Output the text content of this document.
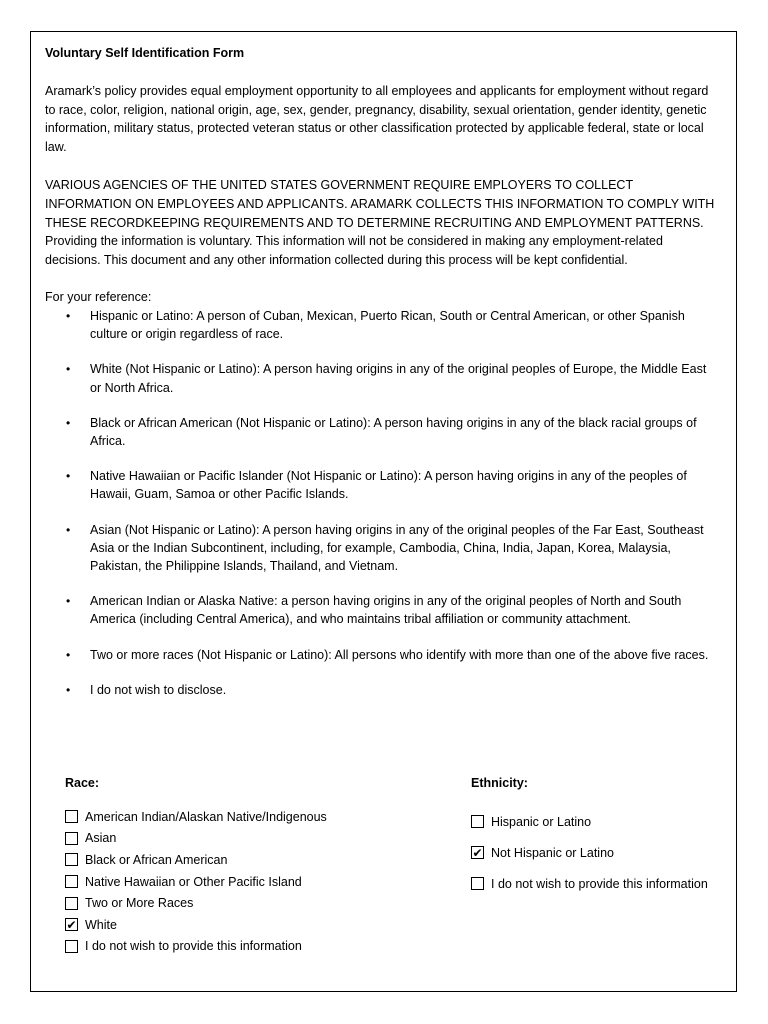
Voluntary Self Identification Form

Aramark’s policy provides equal employment opportunity to all employees and applicants for employment without regard to race, color, religion, national origin, age, sex, gender, pregnancy, disability, sexual orientation, gender identity, genetic information, military status, protected veteran status or other classification protected by applicable federal, state or local law.

VARIOUS AGENCIES OF THE UNITED STATES GOVERNMENT REQUIRE EMPLOYERS TO COLLECT INFORMATION ON EMPLOYEES AND APPLICANTS. ARAMARK COLLECTS THIS INFORMATION TO COMPLY WITH THESE RECORDKEEPING REQUIREMENTS AND TO DETERMINE RECRUITING AND EMPLOYMENT PATTERNS. Providing the information is voluntary. This information will not be considered in making any employment-related decisions. This document and any other information collected during this process will be kept confidential.

For your reference:

• Hispanic or Latino: A person of Cuban, Mexican, Puerto Rican, South or Central American, or other Spanish culture or origin regardless of race.
• White (Not Hispanic or Latino): A person having origins in any of the original peoples of Europe, the Middle East or North Africa.
• Black or African American (Not Hispanic or Latino): A person having origins in any of the black racial groups of Africa.
• Native Hawaiian or Pacific Islander (Not Hispanic or Latino): A person having origins in any of the peoples of Hawaii, Guam, Samoa or other Pacific Islands.
• Asian (Not Hispanic or Latino): A person having origins in any of the original peoples of the Far East, Southeast Asia or the Indian Subcontinent, including, for example, Cambodia, China, India, Japan, Korea, Malaysia, Pakistan, the Philippine Islands, Thailand, and Vietnam.
• American Indian or Alaska Native: a person having origins in any of the original peoples of North and South America (including Central America), and who maintains tribal affiliation or community attachment.
• Two or more races (Not Hispanic or Latino): All persons who identify with more than one of the above five races.
• I do not wish to disclose.
Race:
American Indian/Alaskan Native/Indigenous
Asian
Black or African American
Native Hawaiian or Other Pacific Island
Two or More Races
✔ White
I do not wish to provide this information
Ethnicity:
Hispanic or Latino
✔ Not Hispanic or Latino
I do not wish to provide this information
